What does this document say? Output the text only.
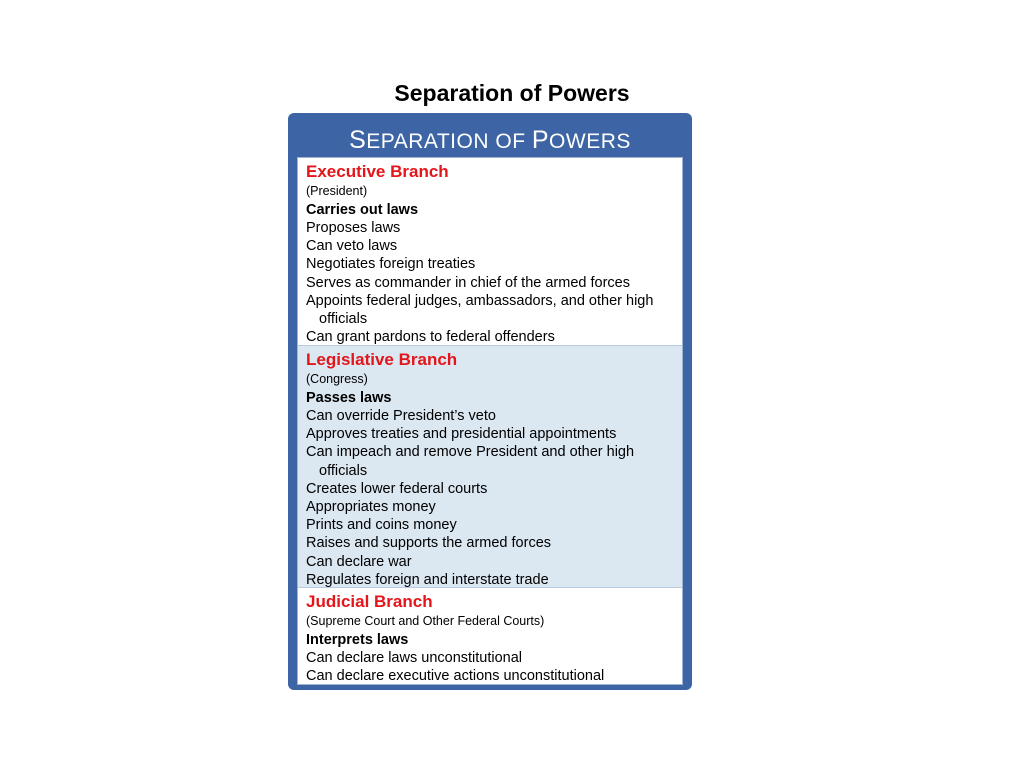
Separation of Powers
SEPARATION OF POWERS
Executive Branch
(President)
Carries out laws
Proposes laws
Can veto laws
Negotiates foreign treaties
Serves as commander in chief of the armed forces
Appoints federal judges, ambassadors, and other high officials
Can grant pardons to federal offenders
Legislative Branch
(Congress)
Passes laws
Can override President’s veto
Approves treaties and presidential appointments
Can impeach and remove President and other high officials
Creates lower federal courts
Appropriates money
Prints and coins money
Raises and supports the armed forces
Can declare war
Regulates foreign and interstate trade
Judicial Branch
(Supreme Court and Other Federal Courts)
Interprets laws
Can declare laws unconstitutional
Can declare executive actions unconstitutional
